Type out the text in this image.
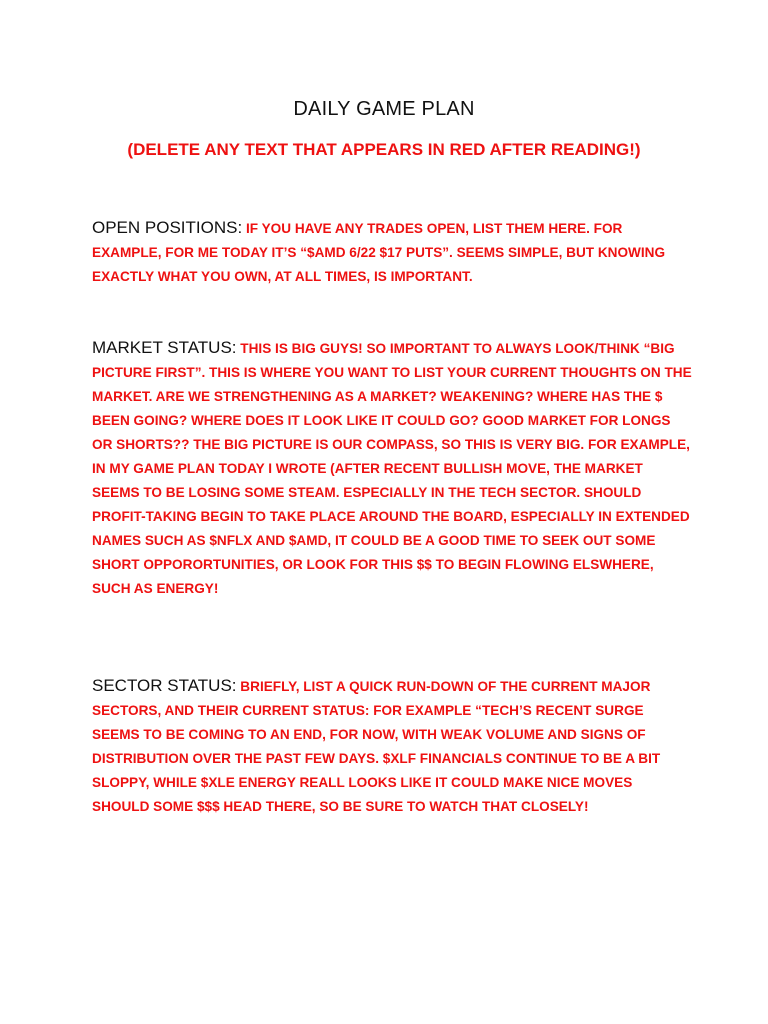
DAILY GAME PLAN
(DELETE ANY TEXT THAT APPEARS IN RED AFTER READING!)

OPEN POSITIONS: IF YOU HAVE ANY TRADES OPEN, LIST THEM HERE. FOR EXAMPLE, FOR ME TODAY IT’S “$AMD 6/22 $17 PUTS”. SEEMS SIMPLE, BUT KNOWING EXACTLY WHAT YOU OWN, AT ALL TIMES, IS IMPORTANT.

MARKET STATUS: THIS IS BIG GUYS! SO IMPORTANT TO ALWAYS LOOK/THINK “BIG PICTURE FIRST”. THIS IS WHERE YOU WANT TO LIST YOUR CURRENT THOUGHTS ON THE MARKET. ARE WE STRENGTHENING AS A MARKET? WEAKENING? WHERE HAS THE $ BEEN GOING? WHERE DOES IT LOOK LIKE IT COULD GO? GOOD MARKET FOR LONGS OR SHORTS?? THE BIG PICTURE IS OUR COMPASS, SO THIS IS VERY BIG. FOR EXAMPLE, IN MY GAME PLAN TODAY I WROTE (AFTER RECENT BULLISH MOVE, THE MARKET SEEMS TO BE LOSING SOME STEAM. ESPECIALLY IN THE TECH SECTOR. SHOULD PROFIT-TAKING BEGIN TO TAKE PLACE AROUND THE BOARD, ESPECIALLY IN EXTENDED NAMES SUCH AS $NFLX AND $AMD, IT COULD BE A GOOD TIME TO SEEK OUT SOME SHORT OPPORORTUNITIES, OR LOOK FOR THIS $$ TO BEGIN FLOWING ELSWHERE, SUCH AS ENERGY!

SECTOR STATUS: BRIEFLY, LIST A QUICK RUN-DOWN OF THE CURRENT MAJOR SECTORS, AND THEIR CURRENT STATUS: FOR EXAMPLE “TECH’S RECENT SURGE SEEMS TO BE COMING TO AN END, FOR NOW, WITH WEAK VOLUME AND SIGNS OF DISTRIBUTION OVER THE PAST FEW DAYS. $XLF FINANCIALS CONTINUE TO BE A BIT SLOPPY, WHILE $XLE ENERGY REALL LOOKS LIKE IT COULD MAKE NICE MOVES SHOULD SOME $$$ HEAD THERE, SO BE SURE TO WATCH THAT CLOSELY!
